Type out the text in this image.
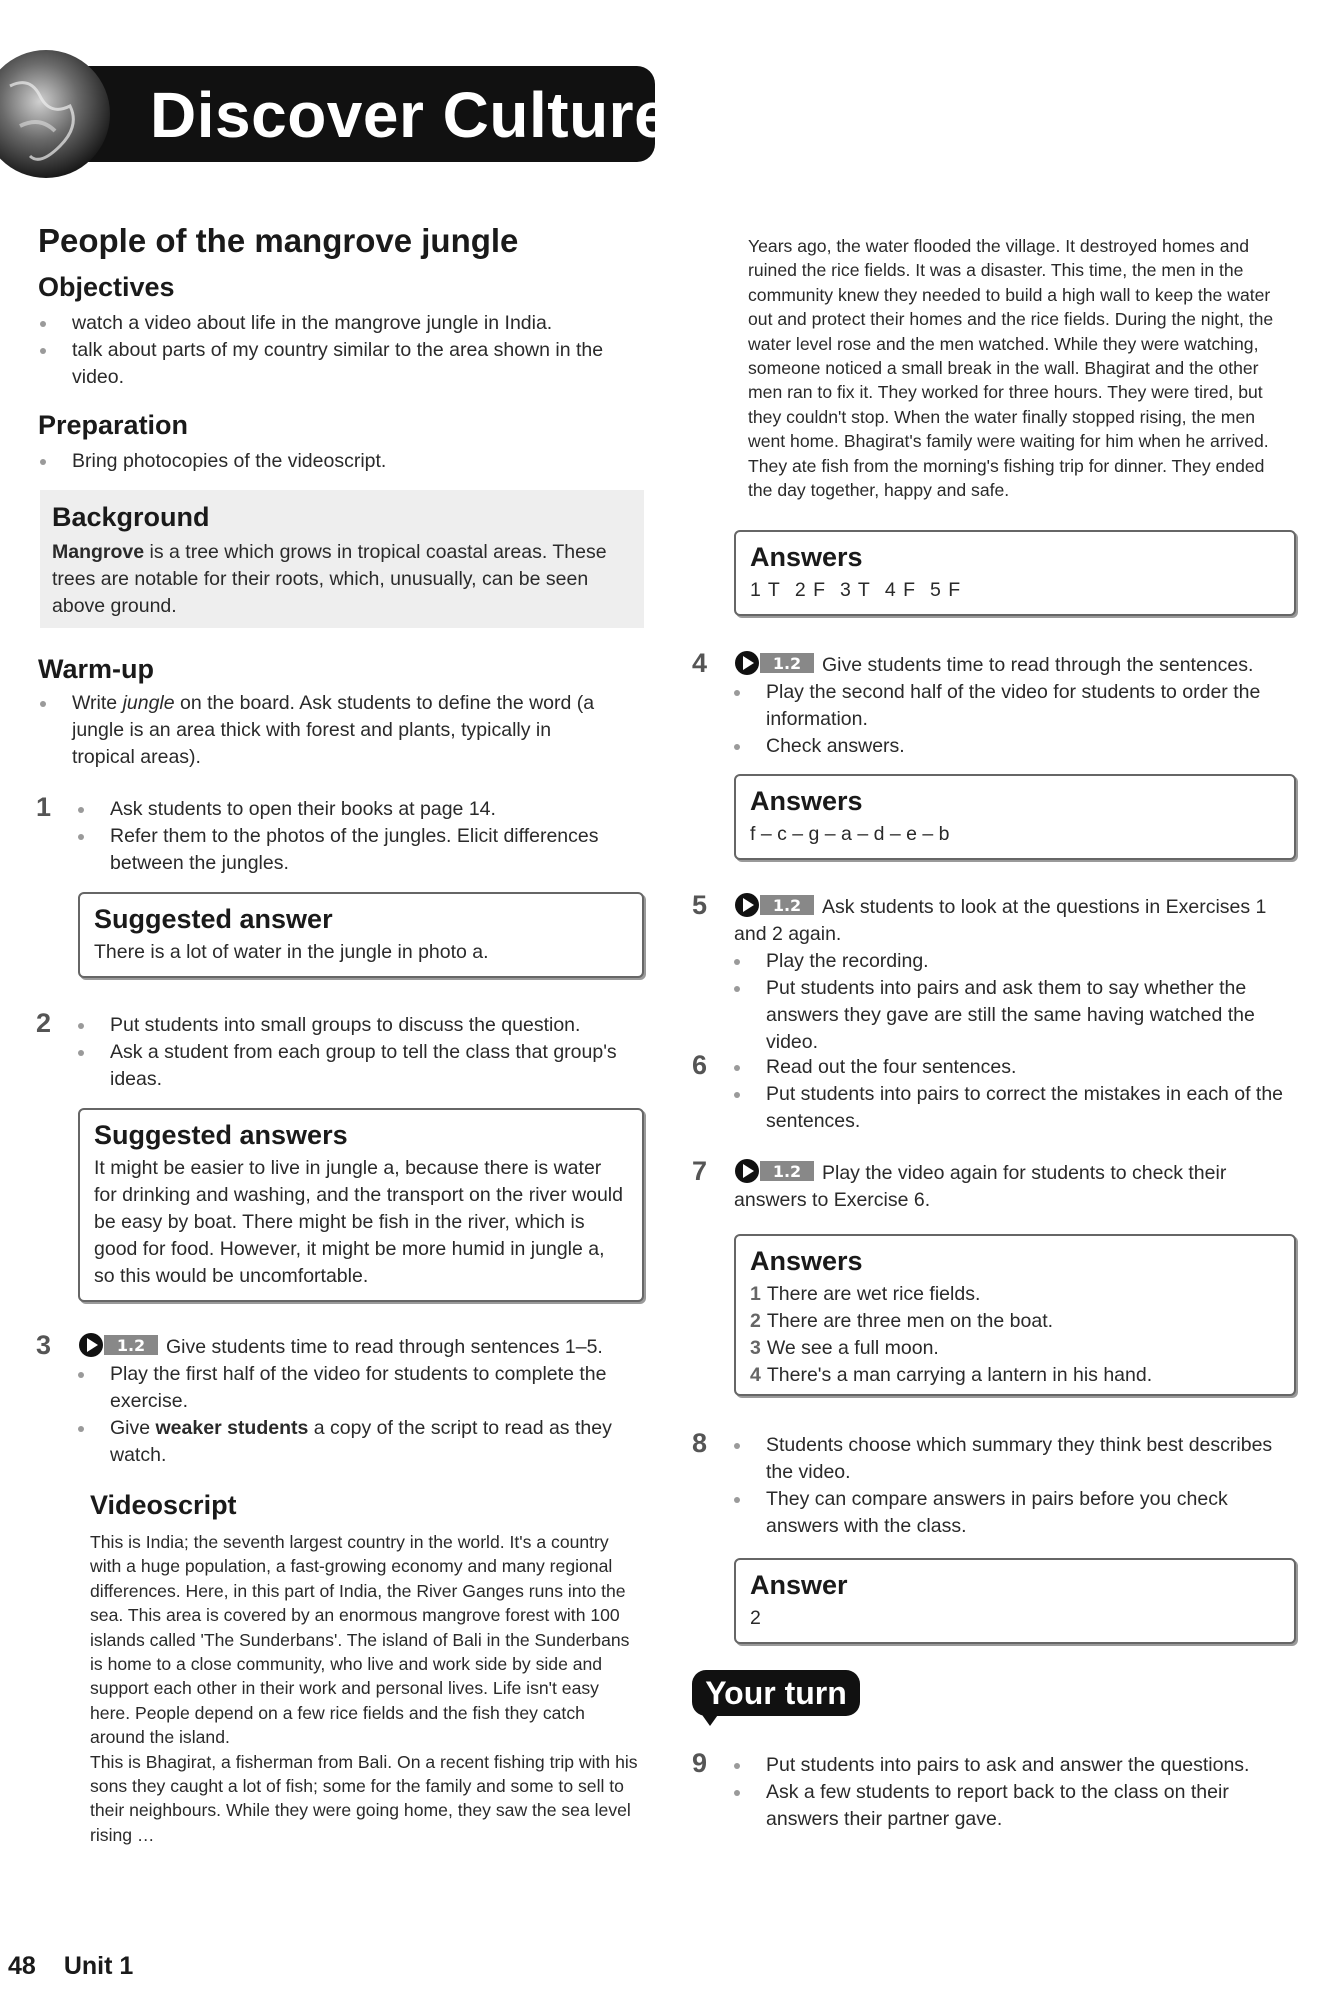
Discover Culture
People of the mangrove jungle
Objectives
watch a video about life in the mangrove jungle in India.
talk about parts of my country similar to the area shown in the video.
Preparation
Bring photocopies of the videoscript.
Background
Mangrove is a tree which grows in tropical coastal areas. These trees are notable for their roots, which, unusually, can be seen above ground.
Warm-up
Write jungle on the board. Ask students to define the word (a jungle is an area thick with forest and plants, typically in tropical areas).
1	Ask students to open their books at page 14.
Refer them to the photos of the jungles. Elicit differences between the jungles.
Suggested answer
There is a lot of water in the jungle in photo a.
2	Put students into small groups to discuss the question.
Ask a student from each group to tell the class that group's ideas.
Suggested answers
It might be easier to live in jungle a, because there is water for drinking and washing, and the transport on the river would be easy by boat. There might be fish in the river, which is good for food. However, it might be more humid in jungle a, so this would be uncomfortable.
3	1.2 Give students time to read through sentences 1–5.
Play the first half of the video for students to complete the exercise.
Give weaker students a copy of the script to read as they watch.
Videoscript
This is India; the seventh largest country in the world. It's a country with a huge population, a fast-growing economy and many regional differences. Here, in this part of India, the River Ganges runs into the sea. This area is covered by an enormous mangrove forest with 100 islands called 'The Sunderbans'. The island of Bali in the Sunderbans is home to a close community, who live and work side by side and support each other in their work and personal lives. Life isn't easy here. People depend on a few rice fields and the fish they catch around the island.
This is Bhagirat, a fisherman from Bali. On a recent fishing trip with his sons they caught a lot of fish; some for the family and some to sell to their neighbours. While they were going home, they saw the sea level rising …
Years ago, the water flooded the village. It destroyed homes and ruined the rice fields. It was a disaster. This time, the men in the community knew they needed to build a high wall to keep the water out and protect their homes and the rice fields. During the night, the water level rose and the men watched. While they were watching, someone noticed a small break in the wall. Bhagirat and the other men ran to fix it. They worked for three hours. They were tired, but they couldn't stop. When the water finally stopped rising, the men went home. Bhagirat's family were waiting for him when he arrived. They ate fish from the morning's fishing trip for dinner. They ended the day together, happy and safe.
Answers
1 T 2 F 3 T 4 F 5 F
4	1.2 Give students time to read through the sentences.
Play the second half of the video for students to order the information.
Check answers.
Answers
f – c – g – a – d – e – b
5	1.2 Ask students to look at the questions in Exercises 1 and 2 again.
Play the recording.
Put students into pairs and ask them to say whether the answers they gave are still the same having watched the video.
6	Read out the four sentences.
Put students into pairs to correct the mistakes in each of the sentences.
7	1.2 Play the video again for students to check their answers to Exercise 6.
Answers
1 There are wet rice fields.
2 There are three men on the boat.
3 We see a full moon.
4 There's a man carrying a lantern in his hand.
8	Students choose which summary they think best describes the video.
They can compare answers in pairs before you check answers with the class.
Answer
2
Your turn
9	Put students into pairs to ask and answer the questions.
Ask a few students to report back to the class on their answers their partner gave.
48 Unit 1
